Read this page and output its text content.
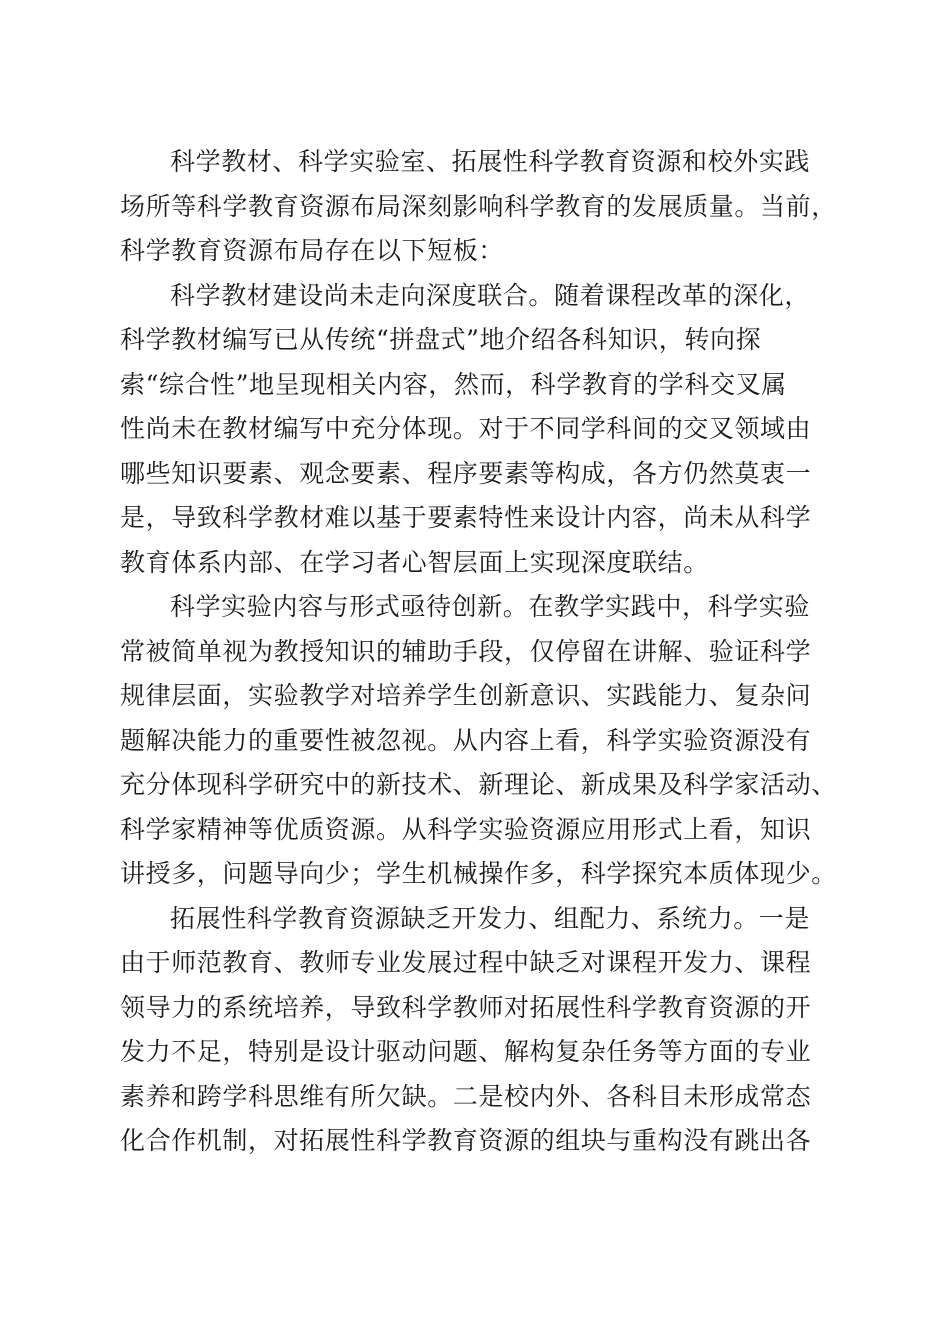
科学教材、科学实验室、拓展性科学教育资源和校外实践
场所等科学教育资源布局深刻影响科学教育的发展质量。当前，
科学教育资源布局存在以下短板：
科学教材建设尚未走向深度联合。随着课程改革的深化，
科学教材编写已从传统“拼盘式”地介绍各科知识，转向探
索“综合性”地呈现相关内容，然而，科学教育的学科交叉属
性尚未在教材编写中充分体现。对于不同学科间的交叉领域由
哪些知识要素、观念要素、程序要素等构成，各方仍然莫衷一
是，导致科学教材难以基于要素特性来设计内容，尚未从科学
教育体系内部、在学习者心智层面上实现深度联结。
科学实验内容与形式亟待创新。在教学实践中，科学实验
常被简单视为教授知识的辅助手段，仅停留在讲解、验证科学
规律层面，实验教学对培养学生创新意识、实践能力、复杂问
题解决能力的重要性被忽视。从内容上看，科学实验资源没有
充分体现科学研究中的新技术、新理论、新成果及科学家活动、
科学家精神等优质资源。从科学实验资源应用形式上看，知识
讲授多，问题导向少；学生机械操作多，科学探究本质体现少。
拓展性科学教育资源缺乏开发力、组配力、系统力。一是
由于师范教育、教师专业发展过程中缺乏对课程开发力、课程
领导力的系统培养，导致科学教师对拓展性科学教育资源的开
发力不足，特别是设计驱动问题、解构复杂任务等方面的专业
素养和跨学科思维有所欠缺。二是校内外、各科目未形成常态
化合作机制，对拓展性科学教育资源的组块与重构没有跳出各
